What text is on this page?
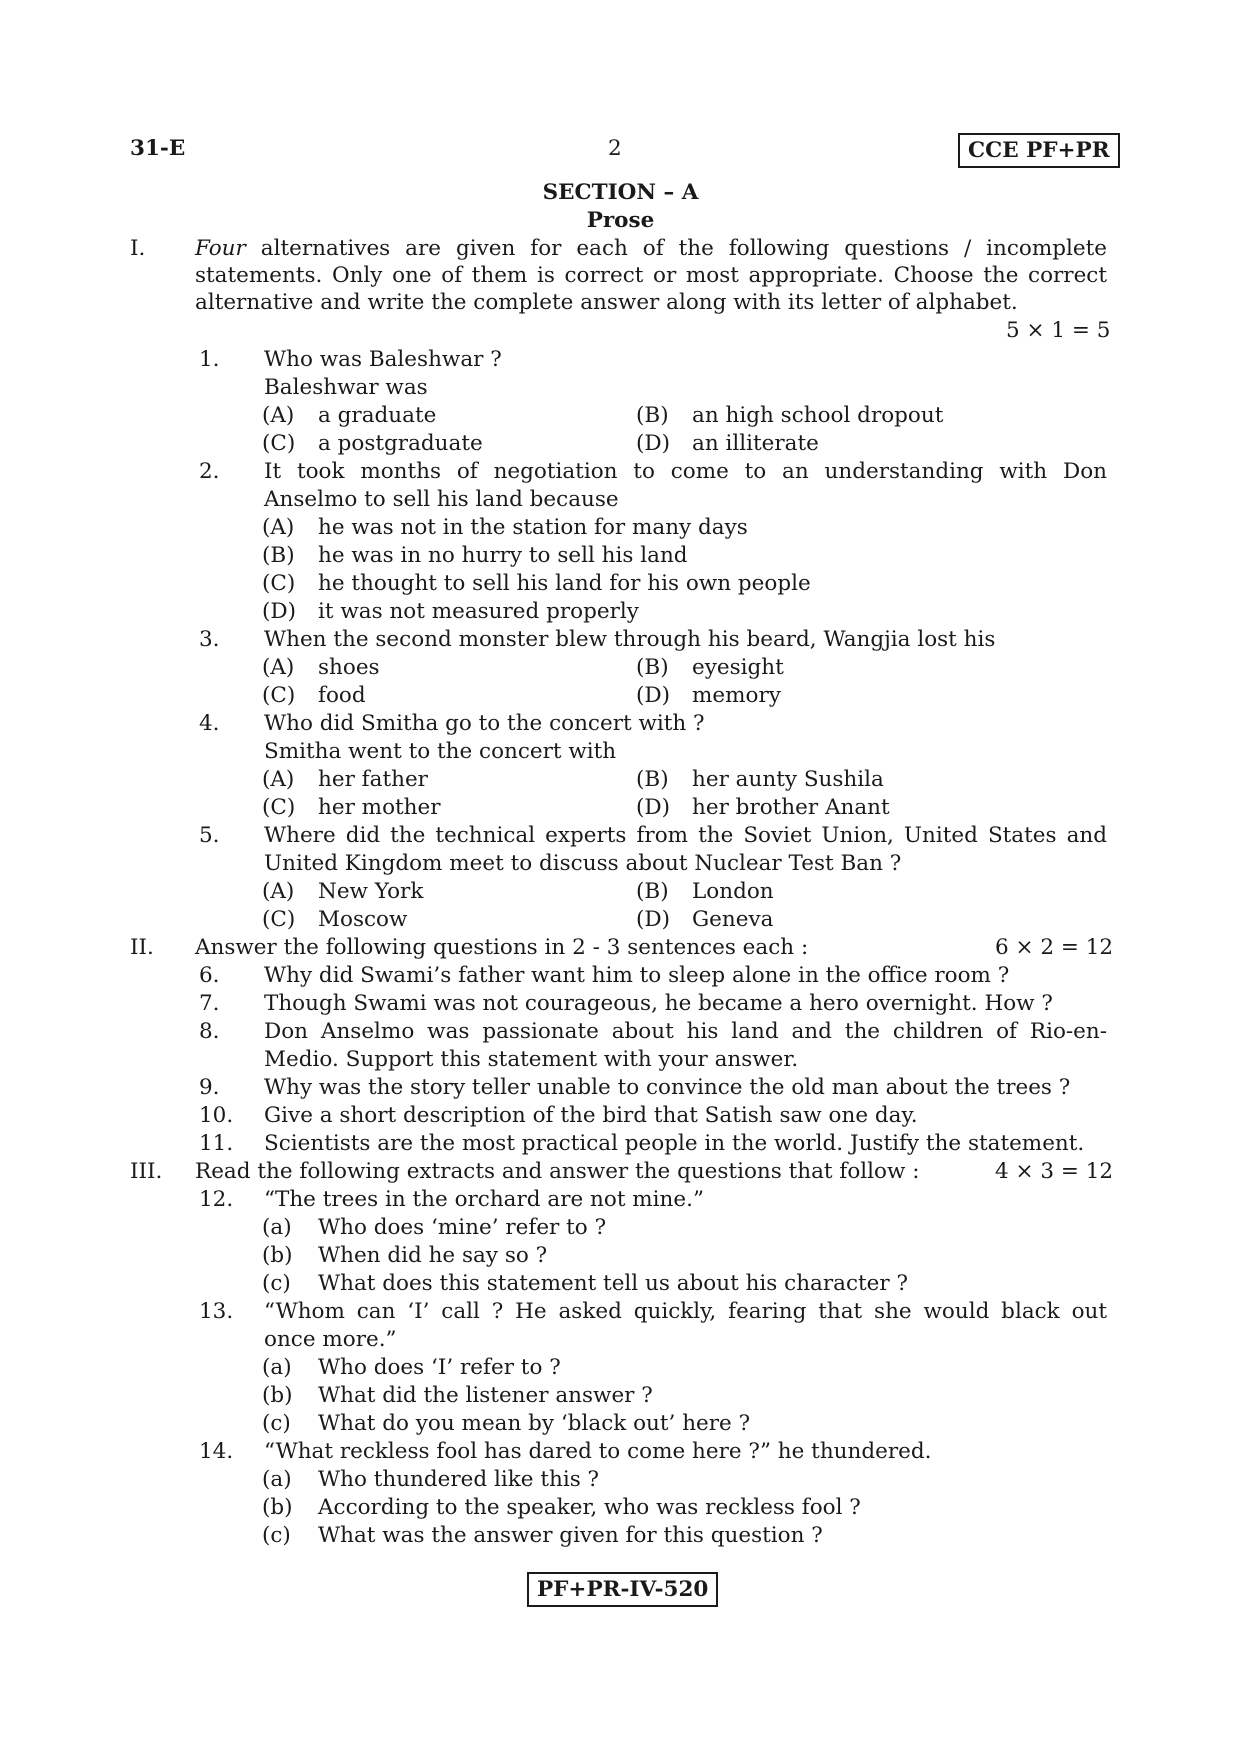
31-E	2	CCE PF+PR
SECTION – A
Prose
I. Four alternatives are given for each of the following questions / incomplete
statements. Only one of them is correct or most appropriate. Choose the correct

alternative and write the complete answer along with its letter of alphabet.
5 × 1 = 5
1. Who was Baleshwar ?
Baleshwar was
(A) a graduate	(B) an high school dropout
(C) a postgraduate	(D) an illiterate
2. It took months of negotiation to come to an understanding with Don

Anselmo to sell his land because
(A) he was not in the station for many days
(B) he was in no hurry to sell his land
(C) he thought to sell his land for his own people
(D) it was not measured properly
3. When the second monster blew through his beard, Wangjia lost his
(A) shoes	(B) eyesight
(C) food	(D) memory
4. Who did Smitha go to the concert with ?
Smitha went to the concert with
(A) her father	(B) her aunty Sushila
(C) her mother	(D) her brother Anant
5. Where did the technical experts from the Soviet Union, United States and

United Kingdom meet to discuss about Nuclear Test Ban ?
(A) New York	(B) London
(C) Moscow	(D) Geneva
II. Answer the following questions in 2 - 3 sentences each :	6 × 2 = 12
6. Why did Swami’s father want him to sleep alone in the office room ?
7. Though Swami was not courageous, he became a hero overnight. How ?
8. Don Anselmo was passionate about his land and the children of Rio-en-

Medio. Support this statement with your answer.
9. Why was the story teller unable to convince the old man about the trees ?
10. Give a short description of the bird that Satish saw one day.
11. Scientists are the most practical people in the world. Justify the statement.
III. Read the following extracts and answer the questions that follow :	4 × 3 = 12
12. “The trees in the orchard are not mine.”
(a) Who does ‘mine’ refer to ?
(b) When did he say so ?
(c) What does this statement tell us about his character ?
13. “Whom can ‘I’ call ? He asked quickly, fearing that she would black out

once more.”
(a) Who does ‘I’ refer to ?
(b) What did the listener answer ?
(c) What do you mean by ‘black out’ here ?
14. “What reckless fool has dared to come here ?” he thundered.
(a) Who thundered like this ?
(b) According to the speaker, who was reckless fool ?
(c) What was the answer given for this question ?
PF+PR-IV-520
